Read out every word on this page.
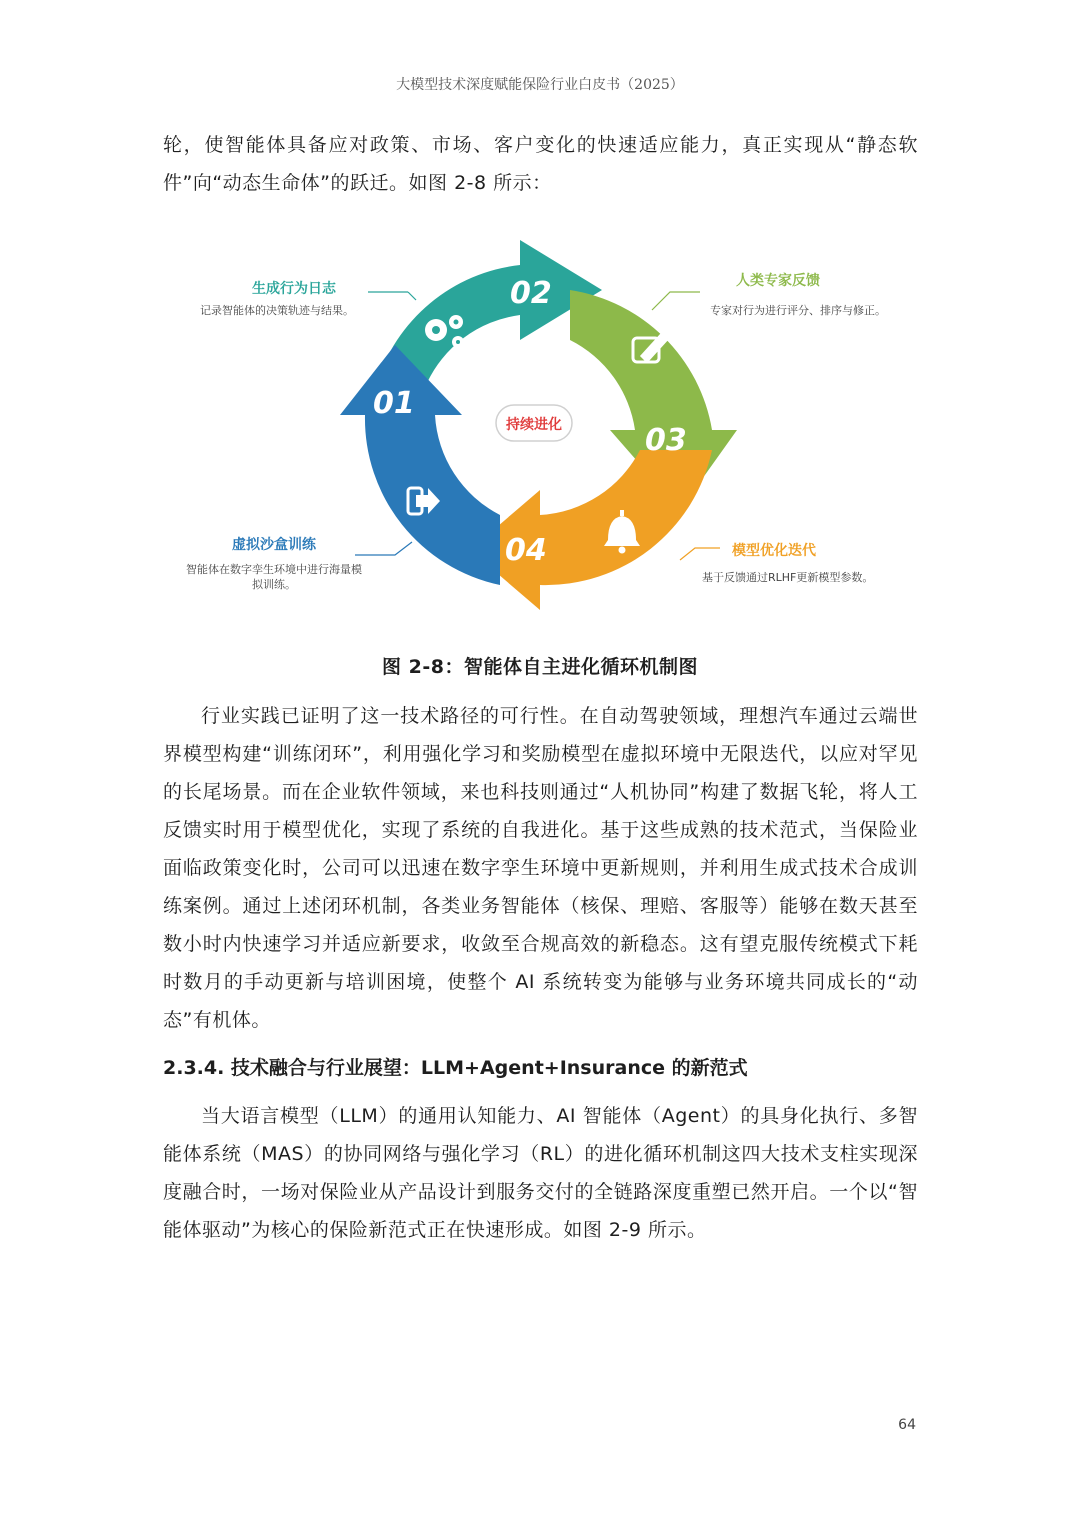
大模型技术深度赋能保险行业白皮书（2025）

轮，使智能体具备应对政策、市场、客户变化的快速适应能力，真正实现从“静态软件”向“动态生命体”的跃迁。如图 2-8 所示：

02
03
04
01
持续进化
生成行为日志
记录智能体的决策轨迹与结果。
人类专家反馈
专家对行为进行评分、排序与修正。
模型优化迭代
基于反馈通过RLHF更新模型参数。
虚拟沙盒训练
智能体在数字孪生环境中进行海量模拟训练。
图 2-8：智能体自主进化循环机制图

行业实践已证明了这一技术路径的可行性。在自动驾驶领域，理想汽车通过云端世界模型构建“训练闭环”，利用强化学习和奖励模型在虚拟环境中无限迭代，以应对罕见的长尾场景。而在企业软件领域，来也科技则通过“人机协同”构建了数据飞轮，将人工反馈实时用于模型优化，实现了系统的自我进化。基于这些成熟的技术范式，当保险业面临政策变化时，公司可以迅速在数字孪生环境中更新规则，并利用生成式技术合成训练案例。通过上述闭环机制，各类业务智能体（核保、理赔、客服等）能够在数天甚至数小时内快速学习并适应新要求，收敛至合规高效的新稳态。这有望克服传统模式下耗时数月的手动更新与培训困境，使整个 AI 系统转变为能够与业务环境共同成长的“动态”有机体。

2.3.4. 技术融合与行业展望：LLM+Agent+Insurance 的新范式

当大语言模型（LLM）的通用认知能力、AI 智能体（Agent）的具身化执行、多智能体系统（MAS）的协同网络与强化学习（RL）的进化循环机制这四大技术支柱实现深度融合时，一场对保险业从产品设计到服务交付的全链路深度重塑已然开启。一个以“智能体驱动”为核心的保险新范式正在快速形成。如图 2-9 所示。

64
